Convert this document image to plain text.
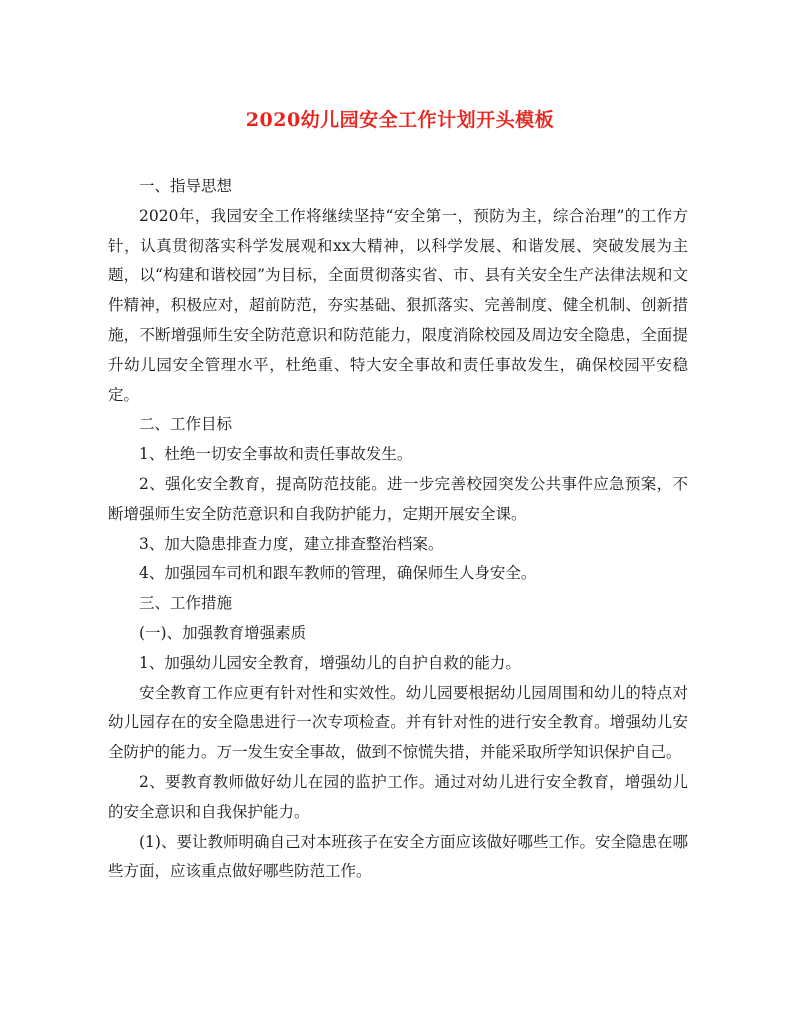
2020幼儿园安全工作计划开头模板

一、指导思想

2020年，我园安全工作将继续坚持“安全第一，预防为主，综合治理”的工作方针，认真贯彻落实科学发展观和xx大精神，以科学发展、和谐发展、突破发展为主题，以“构建和谐校园”为目标，全面贯彻落实省、市、县有关安全生产法律法规和文件精神，积极应对，超前防范，夯实基础、狠抓落实、完善制度、健全机制、创新措施，不断增强师生安全防范意识和防范能力，限度消除校园及周边安全隐患，全面提升幼儿园安全管理水平，杜绝重、特大安全事故和责任事故发生，确保校园平安稳定。

二、工作目标

1、杜绝一切安全事故和责任事故发生。

2、强化安全教育，提高防范技能。进一步完善校园突发公共事件应急预案，不断增强师生安全防范意识和自我防护能力，定期开展安全课。

3、加大隐患排查力度，建立排查整治档案。

4、加强园车司机和跟车教师的管理，确保师生人身安全。

三、工作措施

(一)、加强教育增强素质

1、加强幼儿园安全教育，增强幼儿的自护自救的能力。

安全教育工作应更有针对性和实效性。幼儿园要根据幼儿园周围和幼儿的特点对幼儿园存在的安全隐患进行一次专项检查。并有针对性的进行安全教育。增强幼儿安全防护的能力。万一发生安全事故，做到不惊慌失措，并能采取所学知识保护自己。

2、要教育教师做好幼儿在园的监护工作。通过对幼儿进行安全教育，增强幼儿的安全意识和自我保护能力。

(1)、要让教师明确自己对本班孩子在安全方面应该做好哪些工作。安全隐患在哪些方面，应该重点做好哪些防范工作。
